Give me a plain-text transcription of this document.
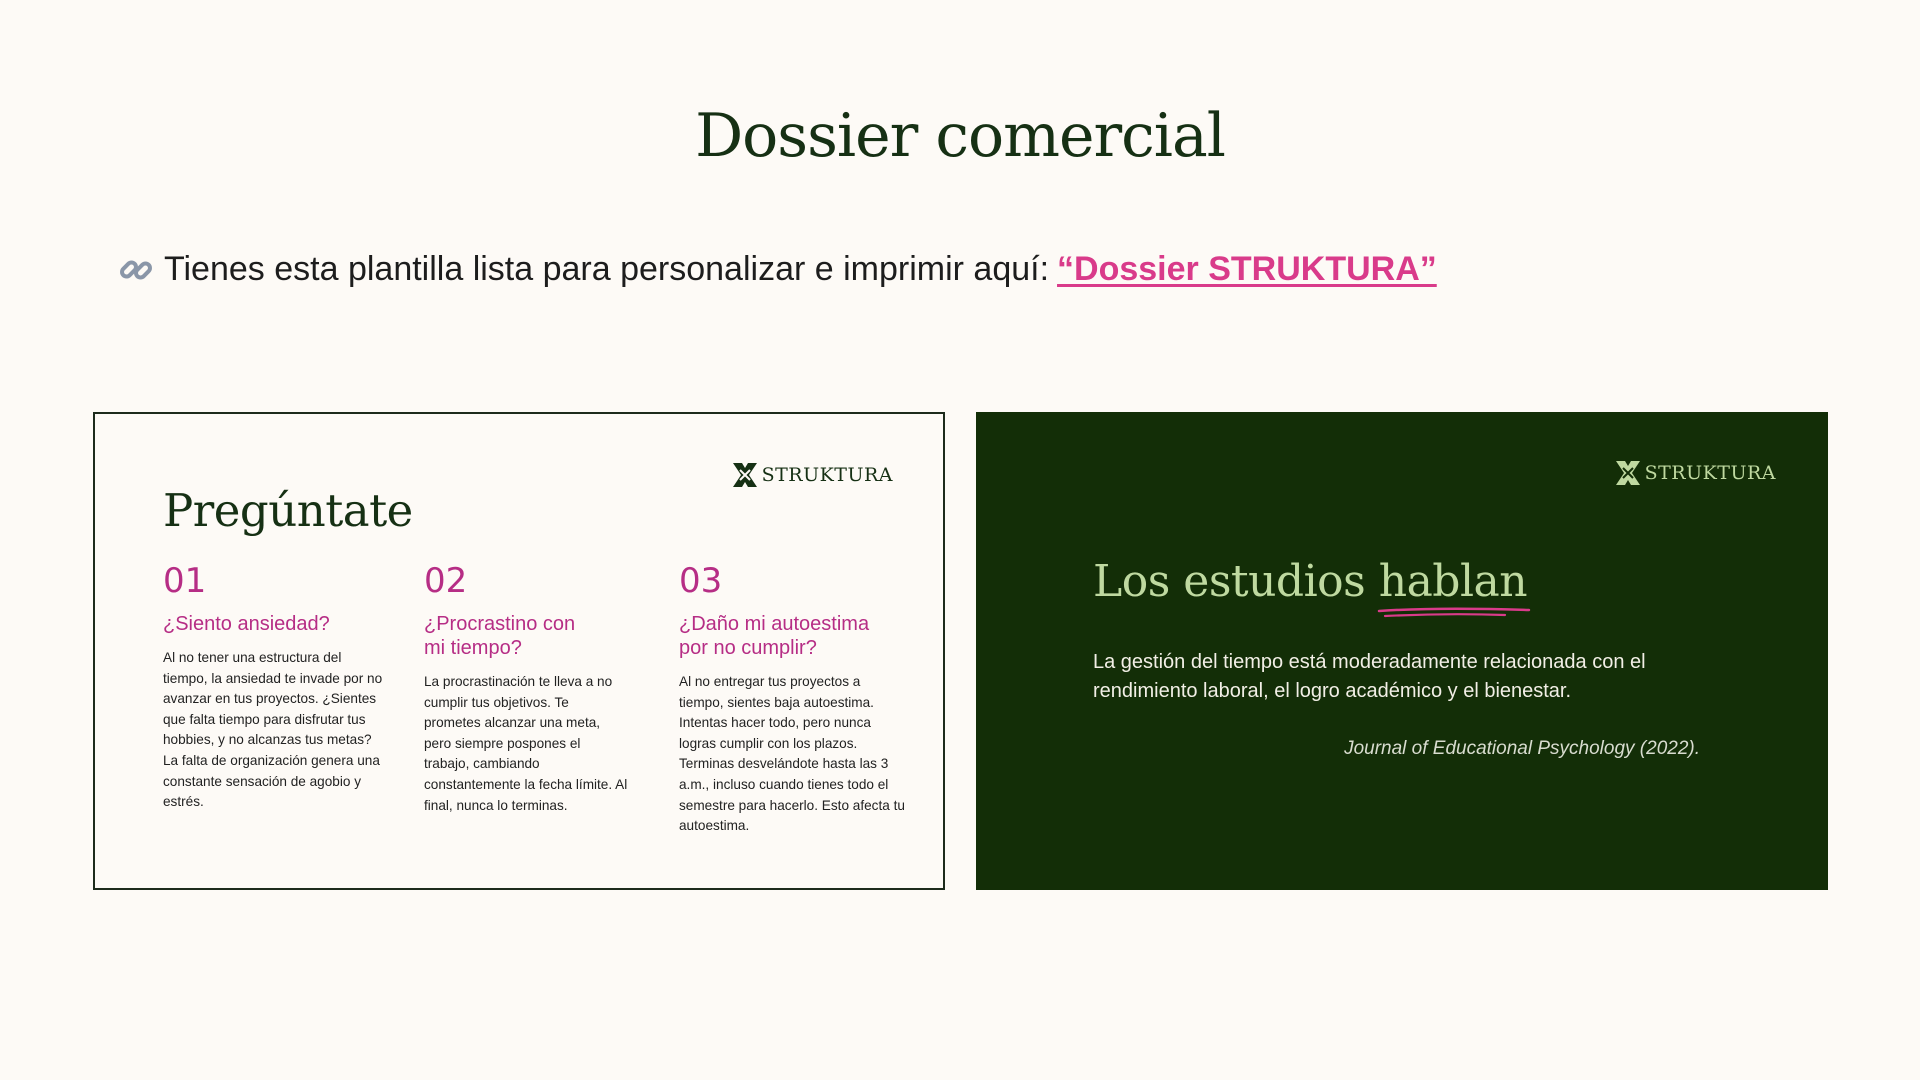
Dossier comercial
Tienes esta plantilla lista para personalizar e imprimir aquí: “Dossier STRUKTURA”
STRUKTURA
Pregúntate
01
¿Siento ansiedad?
Al no tener una estructura del tiempo, la ansiedad te invade por no avanzar en tus proyectos. ¿Sientes que falta tiempo para disfrutar tus hobbies, y no alcanzas tus metas? La falta de organización genera una constante sensación de agobio y estrés.
02
¿Procrastino con mi tiempo?
La procrastinación te lleva a no cumplir tus objetivos. Te prometes alcanzar una meta, pero siempre pospones el trabajo, cambiando constantemente la fecha límite. Al final, nunca lo terminas.
03
¿Daño mi autoestima por no cumplir?
Al no entregar tus proyectos a tiempo, sientes baja autoestima. Intentas hacer todo, pero nunca logras cumplir con los plazos. Terminas desvelándote hasta las 3 a.m., incluso cuando tienes todo el semestre para hacerlo. Esto afecta tu autoestima.
STRUKTURA
Los estudios hablan
La gestión del tiempo está moderadamente relacionada con el rendimiento laboral, el logro académico y el bienestar.
Journal of Educational Psychology (2022).
